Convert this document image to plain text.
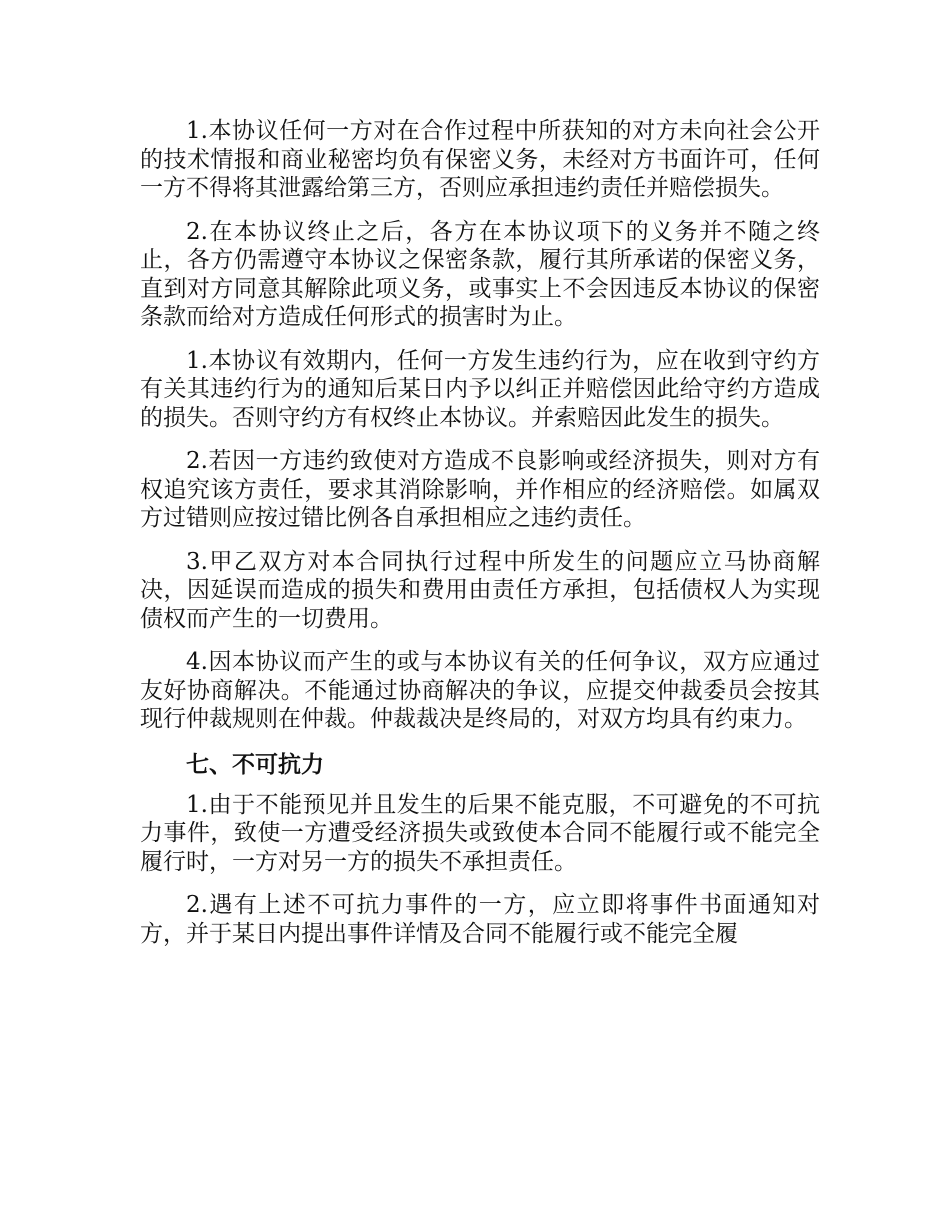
1.本协议任何一方对在合作过程中所获知的对方未向社会公开的技术情报和商业秘密均负有保密义务，未经对方书面许可，任何一方不得将其泄露给第三方，否则应承担违约责任并赔偿损失。

2.在本协议终止之后，各方在本协议项下的义务并不随之终止，各方仍需遵守本协议之保密条款，履行其所承诺的保密义务，直到对方同意其解除此项义务，或事实上不会因违反本协议的保密条款而给对方造成任何形式的损害时为止。

1.本协议有效期内，任何一方发生违约行为，应在收到守约方有关其违约行为的通知后某日内予以纠正并赔偿因此给守约方造成的损失。否则守约方有权终止本协议。并索赔因此发生的损失。

2.若因一方违约致使对方造成不良影响或经济损失，则对方有权追究该方责任，要求其消除影响，并作相应的经济赔偿。如属双方过错则应按过错比例各自承担相应之违约责任。

3.甲乙双方对本合同执行过程中所发生的问题应立马协商解决，因延误而造成的损失和费用由责任方承担，包括债权人为实现债权而产生的一切费用。

4.因本协议而产生的或与本协议有关的任何争议，双方应通过友好协商解决。不能通过协商解决的争议，应提交仲裁委员会按其现行仲裁规则在仲裁。仲裁裁决是终局的，对双方均具有约束力。

七、不可抗力

1.由于不能预见并且发生的后果不能克服，不可避免的不可抗力事件，致使一方遭受经济损失或致使本合同不能履行或不能完全履行时，一方对另一方的损失不承担责任。

2.遇有上述不可抗力事件的一方，应立即将事件书面通知对方，并于某日内提出事件详情及合同不能履行或不能完全履
